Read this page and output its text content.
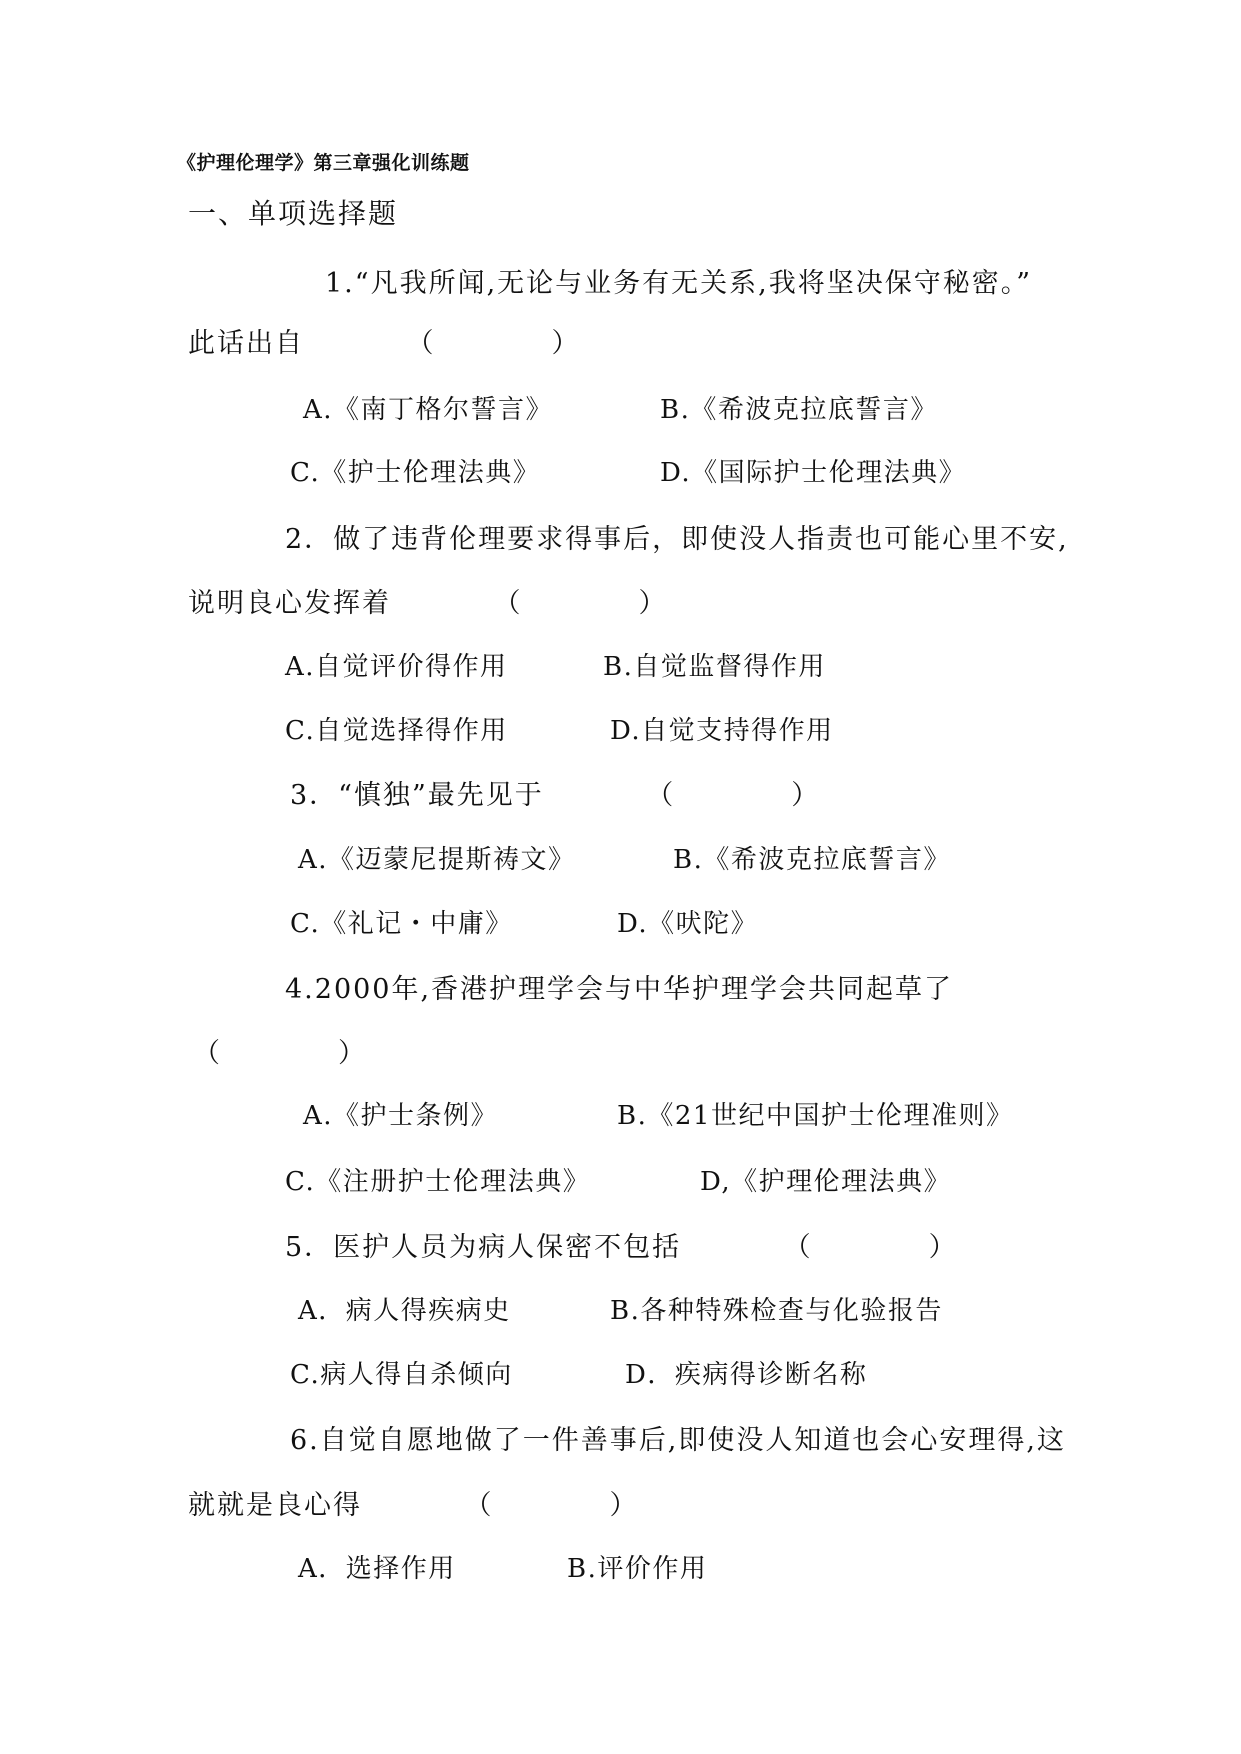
《护理伦理学》第三章强化训练题
一、单项选择题
1.“凡我所闻,无论与业务有无关系,我将坚决保守秘密。”
此话出自　　　　（　　　　）
A.《南丁格尔誓言》	B.《希波克拉底誓言》
C.《护士伦理法典》	D.《国际护士伦理法典》
2．做了违背伦理要求得事后，即使没人指责也可能心里不安,
说明良心发挥着　　　　（　　　　）
A.自觉评价得作用	B.自觉监督得作用
C.自觉选择得作用	D.自觉支持得作用
3．“慎独”最先见于　　　　（　　　　）
A.《迈蒙尼提斯祷文》	B.《希波克拉底誓言》
C.《礼记・中庸》	D.《吠陀》
4.2000年,香港护理学会与中华护理学会共同起草了
（　　　　）
A.《护士条例》	B.《21世纪中国护士伦理准则》
C.《注册护士伦理法典》	D,《护理伦理法典》
5．医护人员为病人保密不包括　　　　（　　　　）
A．病人得疾病史	B.各种特殊检查与化验报告
C.病人得自杀倾向	D．疾病得诊断名称
6.自觉自愿地做了一件善事后,即使没人知道也会心安理得,这
就就是良心得　　　　（　　　　）
A．选择作用	B.评价作用
